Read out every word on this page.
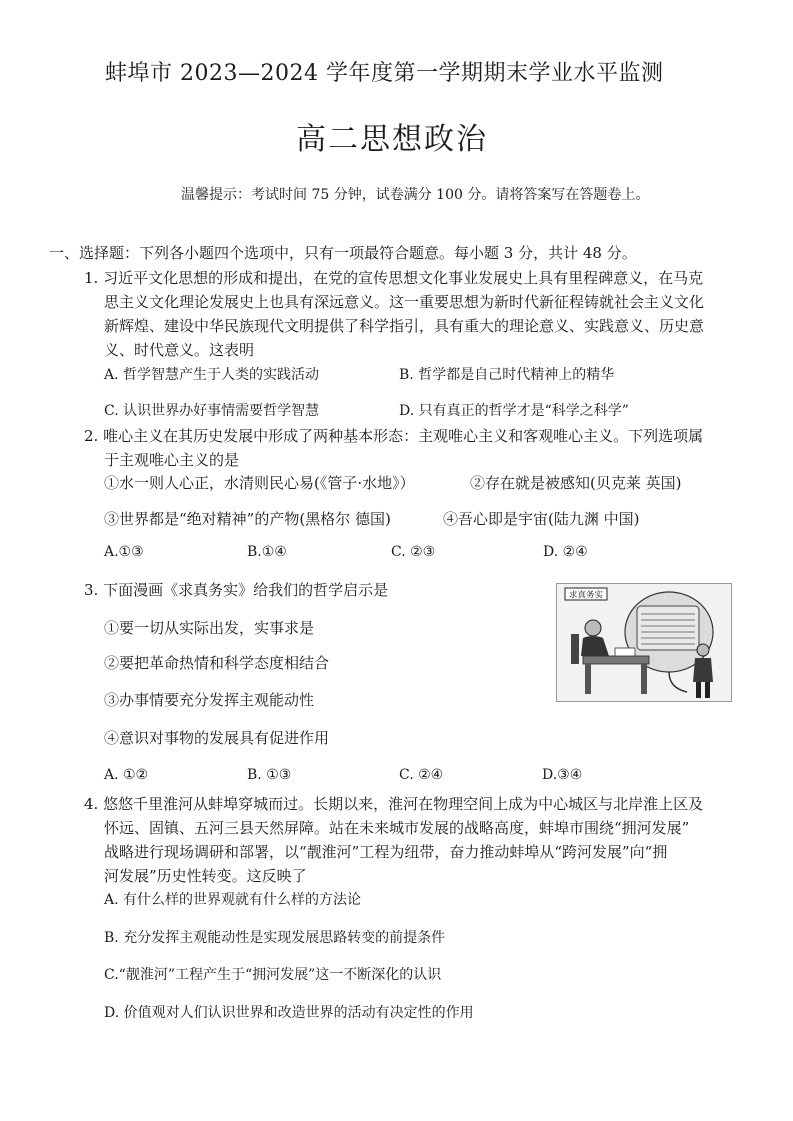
蚌埠市 2023—2024 学年度第一学期期末学业水平监测
高二思想政治
温馨提示：考试时间 75 分钟，试卷满分 100 分。请将答案写在答题卷上。
一、选择题：下列各小题四个选项中，只有一项最符合题意。每小题 3 分，共计 48 分。
1. 习近平文化思想的形成和提出，在党的宣传思想文化事业发展史上具有里程碑意义，在马克
思主义文化理论发展史上也具有深远意义。这一重要思想为新时代新征程铸就社会主义文化
新辉煌、建设中华民族现代文明提供了科学指引，具有重大的理论意义、实践意义、历史意
义、时代意义。这表明
A. 哲学智慧产生于人类的实践活动	B. 哲学都是自己时代精神上的精华
C. 认识世界办好事情需要哲学智慧	D. 只有真正的哲学才是“科学之科学”
2. 唯心主义在其历史发展中形成了两种基本形态：主观唯心主义和客观唯心主义。下列选项属
于主观唯心主义的是
①水一则人心正，水清则民心易(《管子·水地》）	②存在就是被感知(贝克莱 英国)
③世界都是“绝对精神”的产物(黑格尔 德国)	④吾心即是宇宙(陆九渊 中国)
A.①③	B.①④	C. ②③	D. ②④
3. 下面漫画《求真务实》给我们的哲学启示是
①要一切从实际出发，实事求是
②要把革命热情和科学态度相结合
③办事情要充分发挥主观能动性
④意识对事物的发展具有促进作用
A. ①②	B. ①③	C. ②④	D.③④
求真务实
4. 悠悠千里淮河从蚌埠穿城而过。长期以来，淮河在物理空间上成为中心城区与北岸淮上区及
怀远、固镇、五河三县天然屏障。站在未来城市发展的战略高度，蚌埠市围绕“拥河发展”
战略进行现场调研和部署，以“靓淮河”工程为纽带，奋力推动蚌埠从“跨河发展”向“拥
河发展”历史性转变。这反映了
A. 有什么样的世界观就有什么样的方法论
B. 充分发挥主观能动性是实现发展思路转变的前提条件
C.“靓淮河”工程产生于“拥河发展”这一不断深化的认识
D. 价值观对人们认识世界和改造世界的活动有决定性的作用
